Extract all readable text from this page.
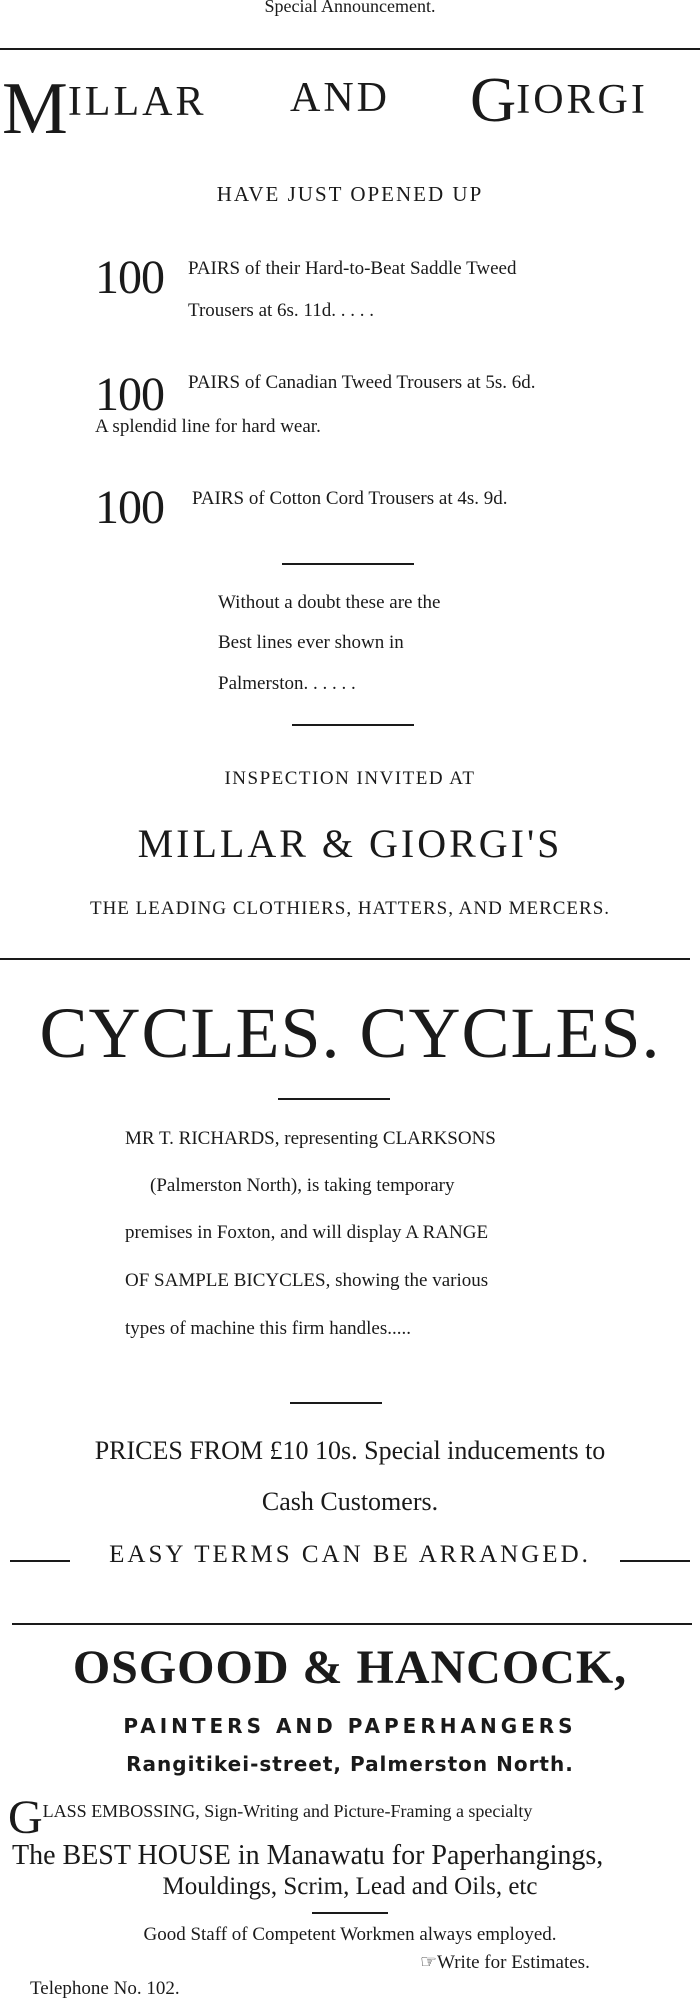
Special Announcement.
MILLAR AND GIORGI
HAVE JUST OPENED UP
100 PAIRS of their Hard-to-Beat Saddle Tweed
Trousers at 6s. 11d. . . . .
100 PAIRS of Canadian Tweed Trousers at 5s. 6d.
A splendid line for hard wear.
100 PAIRS of Cotton Cord Trousers at 4s. 9d.
Without a doubt these are the
Best lines ever shown in
Palmerston. . . . . .
INSPECTION INVITED AT
MILLAR & GIORGI'S
THE LEADING CLOTHIERS, HATTERS, AND MERCERS.
CYCLES. CYCLES.
MR T. RICHARDS, representing CLARKSONS
(Palmerston North), is taking temporary
premises in Foxton, and will display A RANGE
OF SAMPLE BICYCLES, showing the various
types of machine this firm handles.....
PRICES FROM £10 10s. Special inducements to
Cash Customers.
EASY TERMS CAN BE ARRANGED.
OSGOOD & HANCOCK,
PAINTERS AND PAPERHANGERS
Rangitikei-street, Palmerston North.
GLASS EMBOSSING, Sign-Writing and Picture-Framing a specialty
The BEST HOUSE in Manawatu for Paperhangings,
Mouldings, Scrim, Lead and Oils, etc
Good Staff of Competent Workmen always employed.
☞Write for Estimates.
Telephone No. 102.
